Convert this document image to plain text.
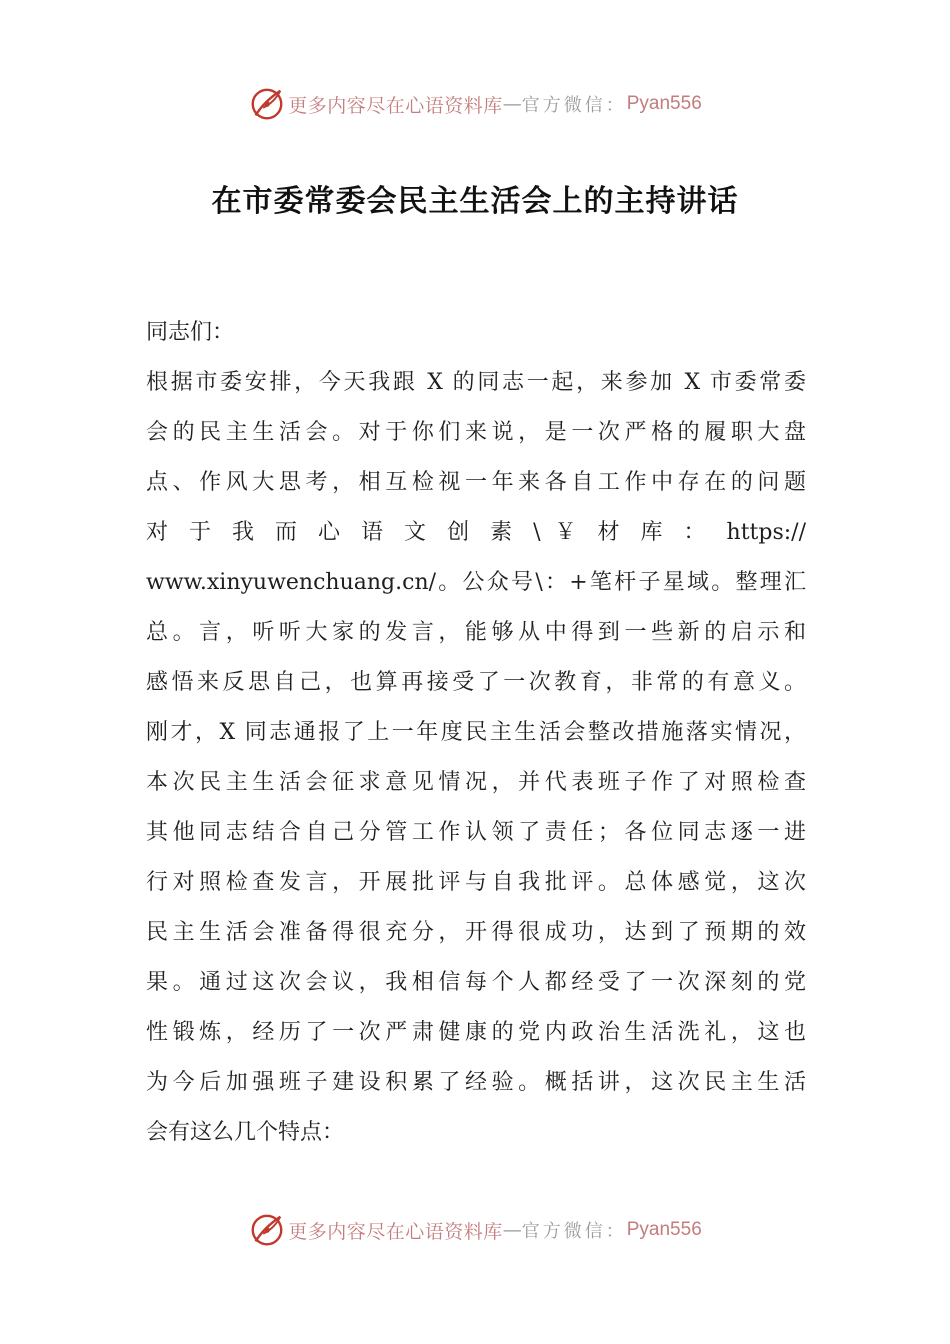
更多内容尽在心语资料库 — 官方微信： Pyan556
在市委常委会民主生活会上的主持讲话
同志们：
根据市委安排，今天我跟 X 的同志一起，来参加 X 市委常委
会的民主生活会。对于你们来说，是一次严格的履职大盘
点、作风大思考，相互检视一年来各自工作中存在的问题
对 于 我 而 心 语 文 创 素 \ ￥ 材 库 ： https://
www.xinyuwenchuang.cn/。公众号\：+笔杆子星域。整理汇
总。言，听听大家的发言，能够从中得到一些新的启示和
感悟来反思自己，也算再接受了一次教育，非常的有意义。
刚才，X 同志通报了上一年度民主生活会整改措施落实情况，
本次民主生活会征求意见情况，并代表班子作了对照检查
其他同志结合自己分管工作认领了责任；各位同志逐一进
行对照检查发言，开展批评与自我批评。总体感觉，这次
民主生活会准备得很充分，开得很成功，达到了预期的效
果。通过这次会议，我相信每个人都经受了一次深刻的党
性锻炼，经历了一次严肃健康的党内政治生活洗礼，这也
为今后加强班子建设积累了经验。概括讲，这次民主生活
会有这么几个特点：
更多内容尽在心语资料库 — 官方微信： Pyan556
